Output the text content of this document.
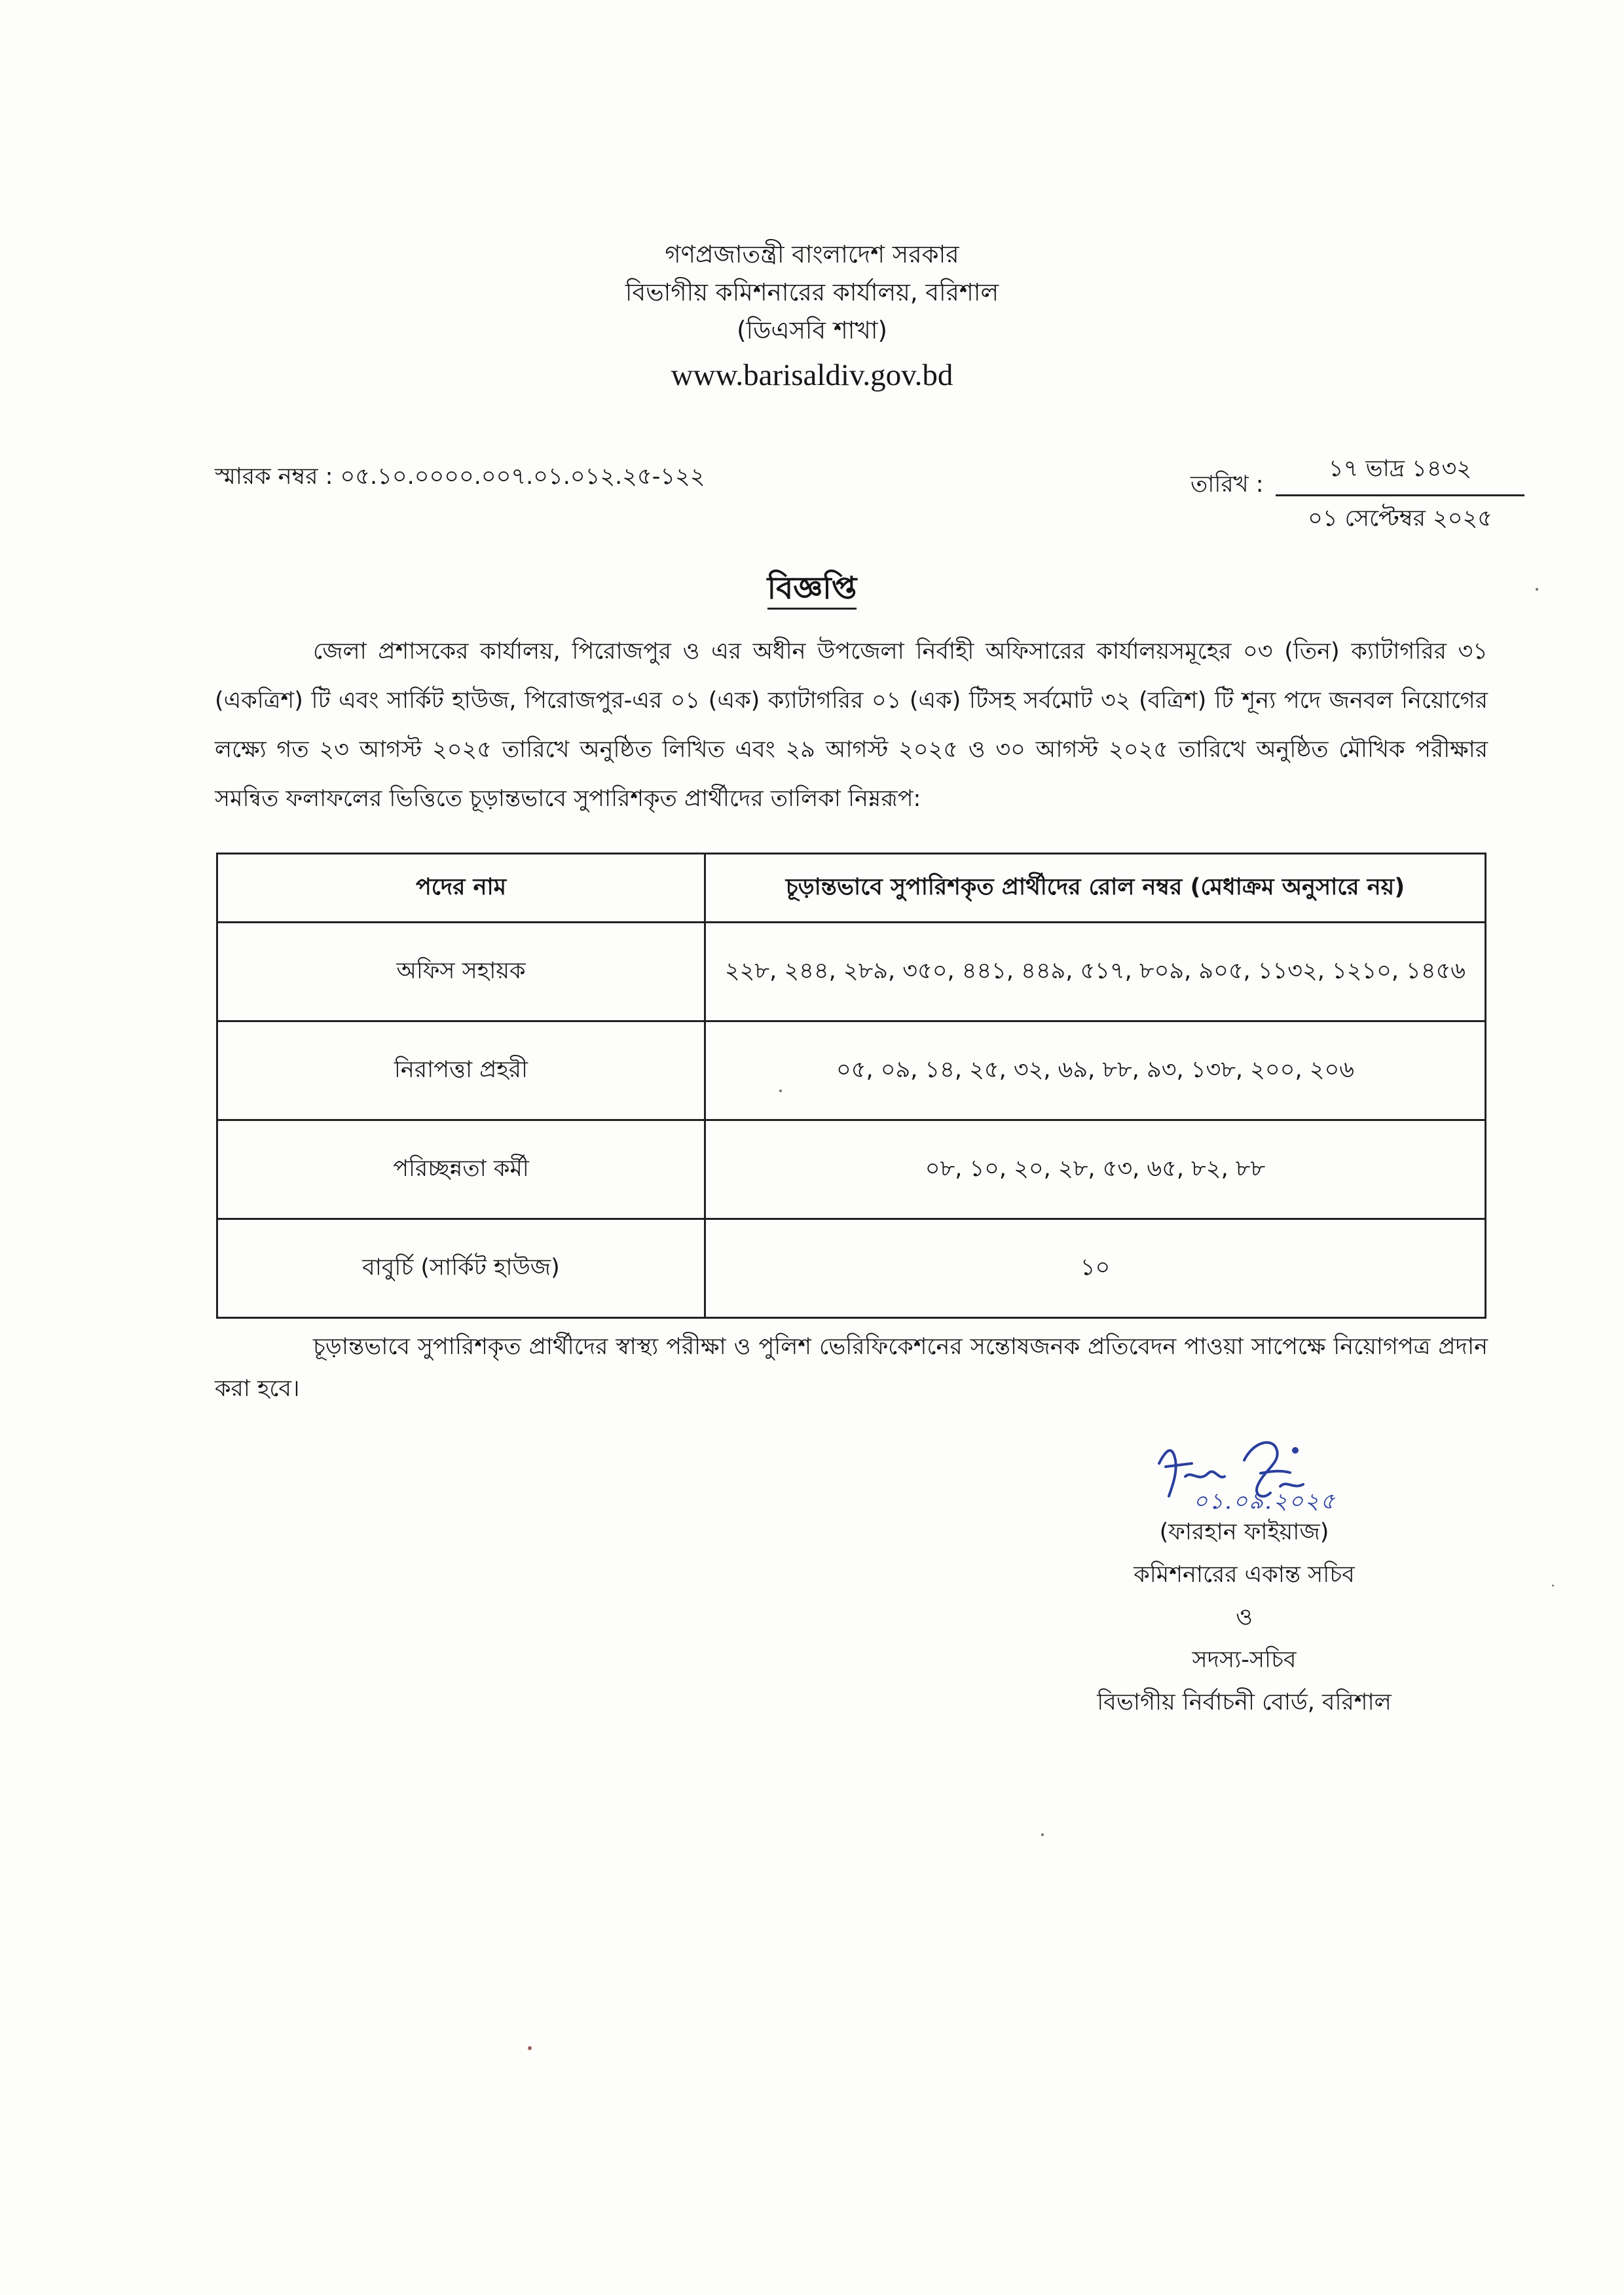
গণপ্রজাতন্ত্রী বাংলাদেশ সরকার
বিভাগীয় কমিশনারের কার্যালয়, বরিশাল
(ডিএসবি শাখা)
www.barisaldiv.gov.bd
স্মারক নম্বর : ০৫.১০.০০০০.০০৭.০১.০১২.২৫-১২২	তারিখ :
১৭ ভাদ্র ১৪৩২
০১ সেপ্টেম্বর ২০২৫
বিজ্ঞপ্তি
জেলা প্রশাসকের কার্যালয়, পিরোজপুর ও এর অধীন উপজেলা নির্বাহী অফিসারের কার্যালয়সমূহের ০৩ (তিন) ক্যাটাগরির ৩১ (একত্রিশ) টি এবং সার্কিট হাউজ, পিরোজপুর-এর ০১ (এক) ক্যাটাগরির ০১ (এক) টিসহ সর্বমোট ৩২ (বত্রিশ) টি শূন্য পদে জনবল নিয়োগের লক্ষ্যে গত ২৩ আগস্ট ২০২৫ তারিখে অনুষ্ঠিত লিখিত এবং ২৯ আগস্ট ২০২৫ ও ৩০ আগস্ট ২০২৫ তারিখে অনুষ্ঠিত মৌখিক পরীক্ষার সমন্বিত ফলাফলের ভিত্তিতে চূড়ান্তভাবে সুপারিশকৃত প্রার্থীদের তালিকা নিম্নরূপ:
পদের নাম	চূড়ান্তভাবে সুপারিশকৃত প্রার্থীদের রোল নম্বর (মেধাক্রম অনুসারে নয়)
অফিস সহায়ক	২২৮, ২৪৪, ২৮৯, ৩৫০, ৪৪১, ৪৪৯, ৫১৭, ৮০৯, ৯০৫, ১১৩২, ১২১০, ১৪৫৬
নিরাপত্তা প্রহরী	০৫, ০৯, ১৪, ২৫, ৩২, ৬৯, ৮৮, ৯৩, ১৩৮, ২০০, ২০৬
পরিচ্ছন্নতা কর্মী	০৮, ১০, ২০, ২৮, ৫৩, ৬৫, ৮২, ৮৮
বাবুর্চি (সার্কিট হাউজ)	১০
চূড়ান্তভাবে সুপারিশকৃত প্রার্থীদের স্বাস্থ্য পরীক্ষা ও পুলিশ ভেরিফিকেশনের সন্তোষজনক প্রতিবেদন পাওয়া সাপেক্ষে নিয়োগপত্র প্রদান করা হবে।
০১.০৯.২০২৫
(ফারহান ফাইয়াজ)
কমিশনারের একান্ত সচিব
ও
সদস্য-সচিব
বিভাগীয় নির্বাচনী বোর্ড, বরিশাল
